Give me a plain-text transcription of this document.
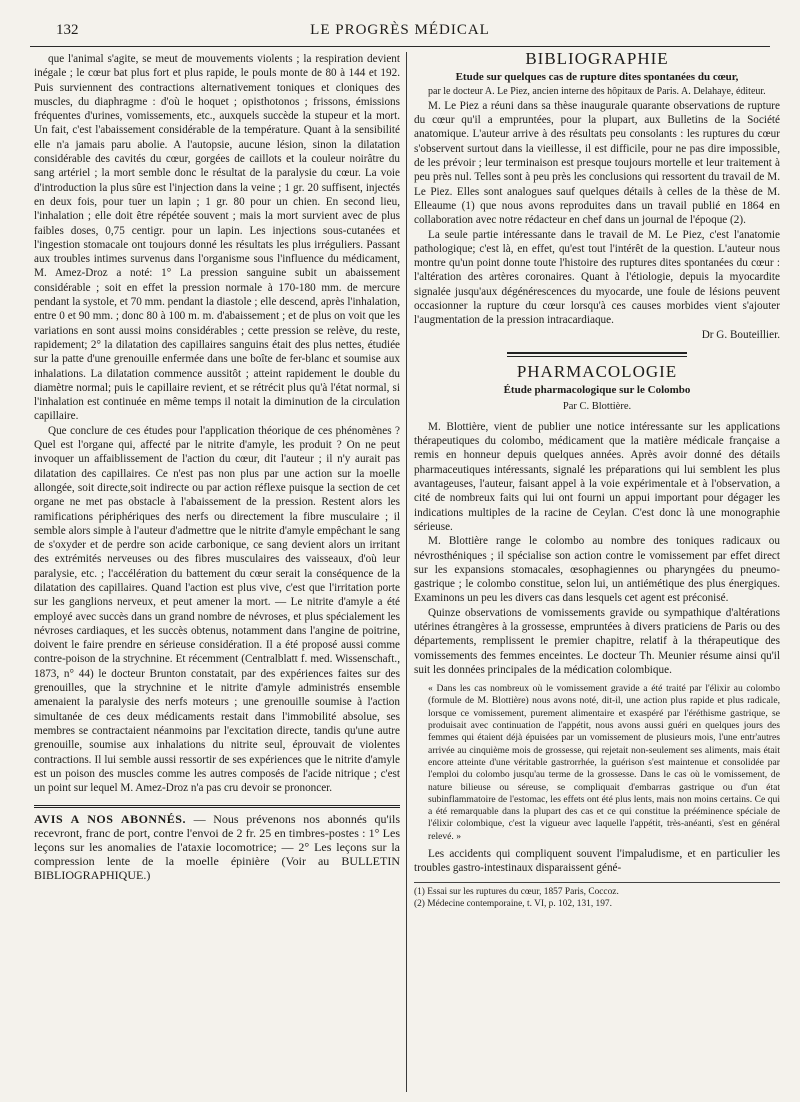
132	LE PROGRÈS MÉDICAL

que l'animal s'agite, se meut de mouvements violents ; la respiration devient inégale ; le cœur bat plus fort et plus rapide, le pouls monte de 80 à 144 et 192. Puis surviennent des contractions alternativement toniques et cloniques des muscles, du diaphragme : d'où le hoquet ; opisthotonos ; frissons, émissions fréquentes d'urines, vomissements, etc., auxquels succède la stupeur et la mort. Un fait, c'est l'abaissement considérable de la température. Quant à la sensibilité elle n'a jamais paru abolie. A l'autopsie, aucune lésion, sinon la dilatation considérable des cavités du cœur, gorgées de caillots et la couleur noirâtre du sang artériel ; la mort semble donc le résultat de la paralysie du cœur. La voie d'introduction la plus sûre est l'injection dans la veine ; 1 gr. 20 suffisent, injectés en deux fois, pour tuer un lapin ; 1 gr. 80 pour un chien. En second lieu, l'inhalation ; elle doit être répétée souvent ; mais la mort survient avec de plus faibles doses, 0,75 centigr. pour un lapin. Les injections sous-cutanées et l'ingestion stomacale ont toujours donné les résultats les plus irréguliers. Passant aux troubles intimes survenus dans l'organisme sous l'influence du médicament, M. Amez-Droz a noté: 1° La pression sanguine subit un abaissement considérable ; soit en effet la pression normale à 170-180 mm. de mercure pendant la systole, et 70 mm. pendant la diastole ; elle descend, après l'inhalation, entre 0 et 90 mm. ; donc 80 à 100 m. m. d'abaissement ; et de plus on voit que les variations en sont aussi moins considérables ; cette pression se relève, du reste, rapidement; 2° la dilatation des capillaires sanguins était des plus nettes, étudiée sur la patte d'une grenouille enfermée dans une boîte de fer-blanc et soumise aux inhalations. La dilatation commence aussitôt ; atteint rapidement le double du diamètre normal; puis le capillaire revient, et se rétrécit plus qu'à l'état normal, si l'inhalation est continuée en même temps il notait la diminution de la circulation capillaire.

Que conclure de ces études pour l'application théorique de ces phénomènes ? Quel est l'organe qui, affecté par le nitrite d'amyle, les produit ? On ne peut invoquer un affaiblissement de l'action du cœur, dit l'auteur ; il n'y aurait pas dilatation des capillaires. Ce n'est pas non plus par une action sur la moelle allongée, soit directe,soit indirecte ou par action réflexe puisque la section de cet organe ne met pas obstacle à l'abaissement de la pression. Restent alors les ramifications périphériques des nerfs ou directement la fibre musculaire ; il semble alors simple à l'auteur d'admettre que le nitrite d'amyle empêchant le sang de s'oxyder et de perdre son acide carbonique, ce sang devient alors un irritant des extrémités nerveuses ou des fibres musculaires des vaisseaux, d'où leur paralysie, etc. ; l'accélération du battement du cœur serait la conséquence de la dilatation des capillaires. Quand l'action est plus vive, c'est que l'irritation porte sur les ganglions nerveux, et peut amener la mort. — Le nitrite d'amyle a été employé avec succès dans un grand nombre de névroses, et plus spécialement les névroses cardiaques, et les succès obtenus, notamment dans l'angine de poitrine, doivent le faire prendre en sérieuse considération. Il a été proposé aussi comme contre-poison de la strychnine. Et récemment (Centralblatt f. med. Wissenschaft., 1873, n° 44) le docteur Brunton constatait, par des expériences faites sur des grenouilles, que la strychnine et le nitrite d'amyle administrés ensemble amenaient la paralysie des nerfs moteurs ; une grenouille soumise à l'action simultanée de ces deux médicaments restait dans l'immobilité absolue, ses membres se contractaient néanmoins par l'excitation directe, tandis qu'une autre grenouille, soumise aux inhalations du nitrite seul, éprouvait de violentes contractions. Il lui semble aussi ressortir de ses expériences que le nitrite d'amyle est un poison des muscles comme les autres composés de l'acide nitrique ; c'est un point sur lequel M. Amez-Droz n'a pas cru devoir se prononcer.

AVIS A NOS ABONNÉS. — Nous prévenons nos abonnés qu'ils recevront, franc de port, contre l'envoi de 2 fr. 25 en timbres-postes : 1° Les leçons sur les anomalies de l'ataxie locomotrice; — 2° Les leçons sur la compression lente de la moelle épinière (Voir au BULLETIN BIBLIOGRAPHIQUE.)

BIBLIOGRAPHIE
Etude sur quelques cas de rupture dites spontanées du cœur,

par le docteur A. Le Piez, ancien interne des hôpitaux de Paris. A. Delahaye, éditeur.

M. Le Piez a réuni dans sa thèse inaugurale quarante observations de rupture du cœur qu'il a empruntées, pour la plupart, aux Bulletins de la Société anatomique. L'auteur arrive à des résultats peu consolants : les ruptures du cœur s'observent surtout dans la vieillesse, il est difficile, pour ne pas dire impossible, de les prévoir ; leur terminaison est presque toujours mortelle et leur traitement à peu près nul. Telles sont à peu près les conclusions qui ressortent du travail de M. Le Piez. Elles sont analogues sauf quelques détails à celles de la thèse de M. Elleaume (1) que nous avons reproduites dans un travail publié en 1864 en collaboration avec notre rédacteur en chef dans un journal de l'époque (2).

La seule partie intéressante dans le travail de M. Le Piez, c'est l'anatomie pathologique; c'est là, en effet, qu'est tout l'intérêt de la question. L'auteur nous montre qu'un point donne toute l'histoire des ruptures dites spontanées du cœur : l'altération des artères coronaires. Quant à l'étiologie, depuis la myocardite signalée jusqu'aux dégénérescences du myocarde, une foule de lésions peuvent occasionner la rupture du cœur lorsqu'à ces causes morbides vient s'ajouter l'augmentation de la pression intracardiaque.

Dr G. Bouteillier.

PHARMACOLOGIE
Étude pharmacologique sur le Colombo
Par C. Blottière.

M. Blottière, vient de publier une notice intéressante sur les applications thérapeutiques du colombo, médicament que la matière médicale française a remis en honneur depuis quelques années. Après avoir donné des détails pharmaceutiques intéressants, signalé les préparations qui lui semblent les plus avantageuses, l'auteur, faisant appel à la voie expérimentale et à l'observation, a cité de nombreux faits qui lui ont fourni un appui important pour dégager les indications multiples de la racine de Ceylan. C'est donc là une monographie sérieuse.

M. Blottière range le colombo au nombre des toniques radicaux ou névrosthéniques ; il spécialise son action contre le vomissement par effet direct sur les expansions stomacales, œsophagiennes ou pharyngées du pneumo-gastrique ; le colombo constitue, selon lui, un antiémétique des plus énergiques. Examinons un peu les divers cas dans lesquels cet agent est préconisé.

Quinze observations de vomissements gravide ou sympathique d'altérations utérines étrangères à la grossesse, empruntées à divers praticiens de Paris ou des départements, remplissent le premier chapitre, relatif à la thérapeutique des vomissements des femmes enceintes. Le docteur Th. Meunier résume ainsi qu'il suit les données principales de la médication colombique.

« Dans les cas nombreux où le vomissement gravide a été traité par l'élixir au colombo (formule de M. Blottière) nous avons noté, dit-il, une action plus rapide et plus radicale, lorsque ce vomissement, purement alimentaire et exaspéré par l'éréthisme gastrique, se produisait avec continuation de l'appétit, nous avons aussi guéri en quelques jours des femmes qui étaient déjà épuisées par un vomissement de plusieurs mois, l'une entr'autres arrivée au cinquième mois de grossesse, qui rejetait non-seulement ses aliments, mais était encore atteinte d'une véritable gastrorrhée, la guérison s'est maintenue et consolidée par l'emploi du colombo jusqu'au terme de la grossesse. Dans le cas où le vomissement, de nature bilieuse ou séreuse, se compliquait d'embarras gastrique ou d'un état subinflammatoire de l'estomac, les effets ont été plus lents, mais non moins certains. Ce qui a été remarquable dans la plupart des cas et ce qui constitue la prééminence spéciale de l'élixir colombique, c'est la vigueur avec laquelle l'appétit, très-anéanti, s'est en général relevé. »

Les accidents qui compliquent souvent l'impaludisme, et en particulier les troubles gastro-intestinaux disparaissent géné-

(1) Essai sur les ruptures du cœur, 1857 Paris, Coccoz.

(2) Médecine contemporaine, t. VI, p. 102, 131, 197.
